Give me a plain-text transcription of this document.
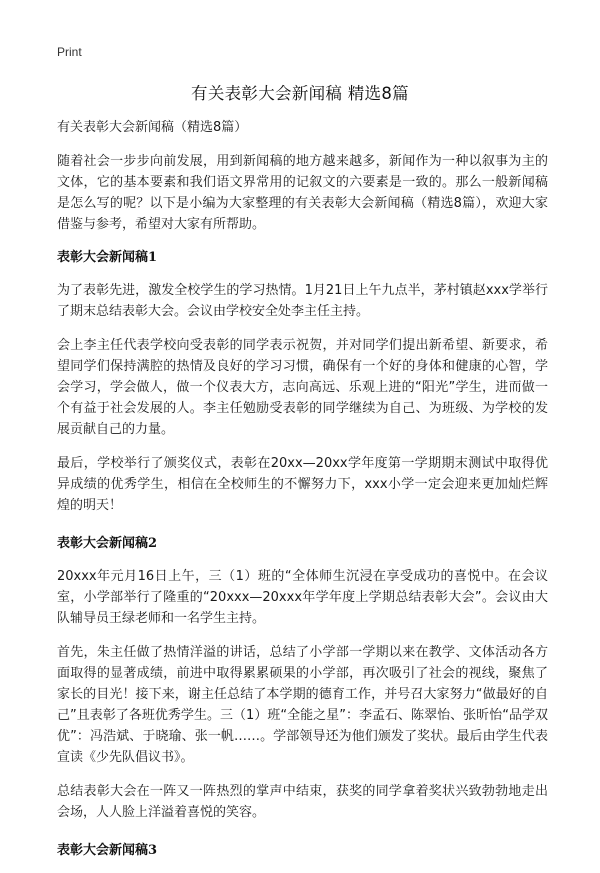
Print
有关表彰大会新闻稿 精选8篇

有关表彰大会新闻稿（精选8篇）

随着社会一步步向前发展，用到新闻稿的地方越来越多，新闻作为一种以叙事为主的文体，它的基本要素和我们语文界常用的记叙文的六要素是一致的。那么一般新闻稿是怎么写的呢？以下是小编为大家整理的有关表彰大会新闻稿（精选8篇），欢迎大家借鉴与参考，希望对大家有所帮助。

表彰大会新闻稿1

为了表彰先进，激发全校学生的学习热情。1月21日上午九点半，茅村镇赵xxx学举行了期末总结表彰大会。会议由学校安全处李主任主持。

会上李主任代表学校向受表彰的同学表示祝贺，并对同学们提出新希望、新要求，希望同学们保持满腔的热情及良好的学习习惯，确保有一个好的身体和健康的心智，学会学习，学会做人，做一个仪表大方，志向高远、乐观上进的“阳光”学生，进而做一个有益于社会发展的人。李主任勉励受表彰的同学继续为自己、为班级、为学校的发展贡献自己的力量。

最后，学校举行了颁奖仪式，表彰在20xx—20xx学年度第一学期期末测试中取得优异成绩的优秀学生，相信在全校师生的不懈努力下，xxx小学一定会迎来更加灿烂辉煌的明天！

表彰大会新闻稿2

20xxx年元月16日上午，三（1）班的“全体师生沉浸在享受成功的喜悦中。在会议室，小学部举行了隆重的“20xxx—20xxx年学年度上学期总结表彰大会”。会议由大队辅导员王绿老师和一名学生主持。

首先，朱主任做了热情洋溢的讲话，总结了小学部一学期以来在教学、文体活动各方面取得的显著成绩，前进中取得累累硕果的小学部，再次吸引了社会的视线，聚焦了家长的目光！接下来，谢主任总结了本学期的德育工作，并号召大家努力“做最好的自己”且表彰了各班优秀学生。三（1）班“全能之星”：李孟石、陈翠怡、张昕怡“品学双优”：冯浩斌、于晓瑜、张一帆……。学部领导还为他们颁发了奖状。最后由学生代表宣读《少先队倡议书》。

总结表彰大会在一阵又一阵热烈的掌声中结束，获奖的同学拿着奖状兴致勃勃地走出会场，人人脸上洋溢着喜悦的笑容。

表彰大会新闻稿3
